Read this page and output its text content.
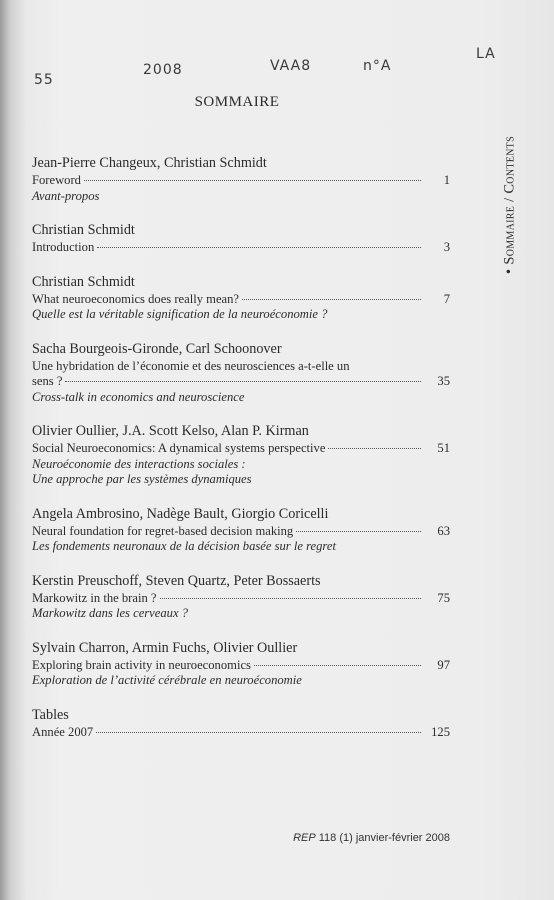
55
2008	VAA8	n°A
LA
SOMMAIRE
• Sommaire / Contents
Jean-Pierre Changeux, Christian Schmidt
Foreword	1
Avant-propos
Christian Schmidt
Introduction	3
Christian Schmidt
What neuroeconomics does really mean?	7
Quelle est la véritable signification de la neuroéconomie ?
Sacha Bourgeois-Gironde, Carl Schoonover
Une hybridation de l’économie et des neurosciences a-t-elle un
sens ?	35
Cross-talk in economics and neuroscience
Olivier Oullier, J.A. Scott Kelso, Alan P. Kirman
Social Neuroeconomics: A dynamical systems perspective	51
Neuroéconomie des interactions sociales :
Une approche par les systèmes dynamiques
Angela Ambrosino, Nadège Bault, Giorgio Coricelli
Neural foundation for regret-based decision making	63
Les fondements neuronaux de la décision basée sur le regret
Kerstin Preuschoff, Steven Quartz, Peter Bossaerts
Markowitz in the brain ?	75
Markowitz dans les cerveaux ?
Sylvain Charron, Armin Fuchs, Olivier Oullier
Exploring brain activity in neuroeconomics	97
Exploration de l’activité cérébrale en neuroéconomie
Tables
Année 2007	125
REP 118 (1) janvier-février 2008
